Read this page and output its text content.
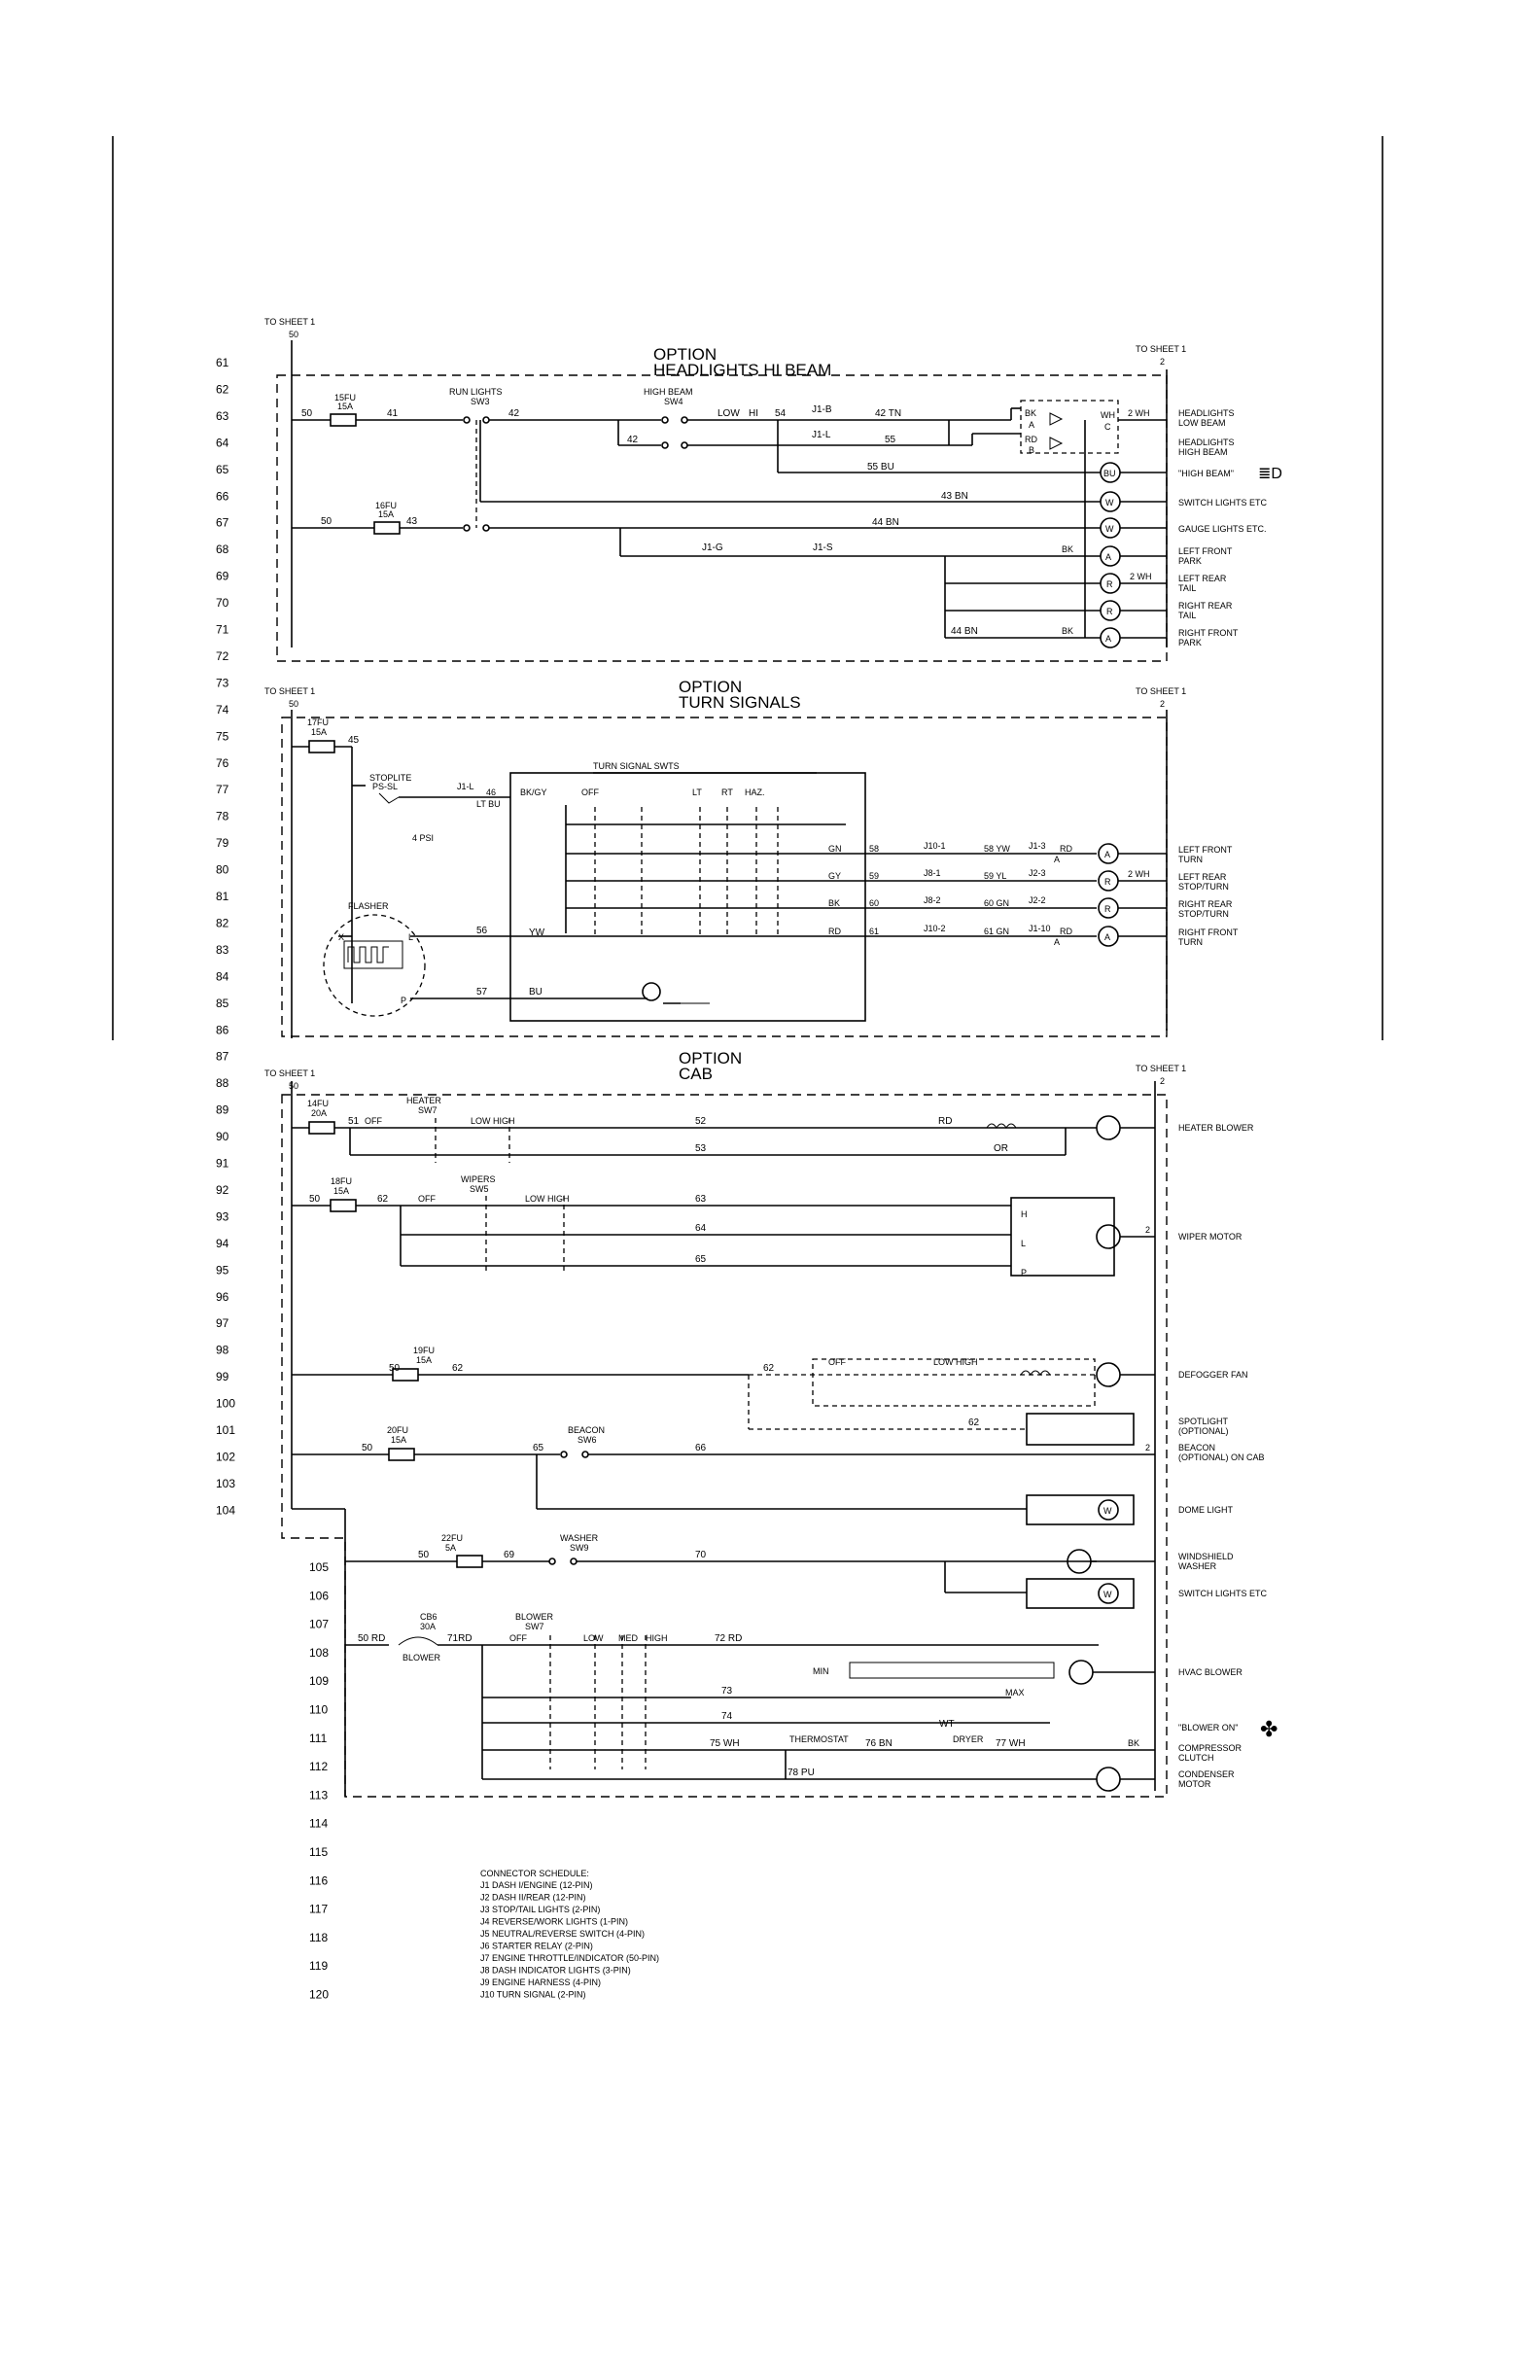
61
62
63
64
65
66
67
68
69
70
71
72
73
74
75
76
77
78
79
80
81
82
83
84
85
86
87
88
89
90
91
92
93
94
95
96
97
98
99
100
101
102
103
104
105
106
107
108
109
110
111
112
113
114
115
116
117
118
119
120
OPTION
HEADLIGHTS HI BEAM
TO SHEET 1
50
TO SHEET 1
2
50
15FU
15A
41
RUN LIGHTS
SW3
42
HIGH BEAM
SW4
LOW HI 54	J1-B	42 TN
42	J1-L	55
BK
A
RD
B
WH
C
2 WH
55 BU
BU
43 BN
W
50
16FU
15A
43	44 BN
W
J1-G	J1-S	BK
A
44 BN	BK
R
R
A
2 WH
HEADLIGHTS
LOW BEAM
HEADLIGHTS
HIGH BEAM
"HIGH BEAM" ≣D
SWITCH LIGHTS ETC
GAUGE LIGHTS ETC.
LEFT FRONT
PARK
LEFT REAR
TAIL
RIGHT REAR
TAIL
RIGHT FRONT
PARK
OPTION
TURN SIGNALS
TO SHEET 1
50
TO SHEET 1
2
17FU
15A
45
STOPLITE
PS-SL
4 PSI
J1-L
46
LT BU
TURN SIGNAL SWTS
BK/GY	OFF	LT RT HAZ.
FLASHER
X	L
P
56	YW
57	BU
GN
GY
BK
RD
58
59
60
61
J10-1
J8-1
J8-2
J10-2
58 YW
59 YL
60 GN
61 GN
J1-3
J2-3
J2-2
J1-10
RD
A
RD
A
A
R
R
A
2 WH
LEFT FRONT
TURN
LEFT REAR
STOP/TURN
RIGHT REAR
STOP/TURN
RIGHT FRONT
TURN
OPTION
CAB
TO SHEET 1
50
TO SHEET 1
2
14FU
20A
51 OFF
HEATER
SW7
LOW HIGH	52	RD
53	OR
50
18FU
15A
62	OFF
WIPERS
SW5
LOW HIGH	63
64
65
H
L
P
2
50
19FU
15A
62	62
OFF	LOW HIGH
62
50
20FU
15A
65
BEACON
SW6
66	2
W
50
22FU
5A
69
WASHER
SW9
70
W
50 RD
CB6
30A
BLOWER
71RD	OFF
BLOWER
SW7
LOW MED HIGH	72 RD
MIN
MAX
73
74
WT
75 WH	THERMOSTAT 76 BN	DRYER 77 WH	BK
78 PU
HEATER BLOWER
WIPER MOTOR
DEFOGGER FAN
SPOTLIGHT
(OPTIONAL)
BEACON
(OPTIONAL) ON CAB
DOME LIGHT
WINDSHIELD
WASHER
SWITCH LIGHTS ETC
HVAC BLOWER
"BLOWER ON" ✤
COMPRESSOR
CLUTCH
CONDENSER
MOTOR
CONNECTOR SCHEDULE:
J1 DASH I/ENGINE (12-PIN)
J2 DASH II/REAR (12-PIN)
J3 STOP/TAIL LIGHTS (2-PIN)
J4 REVERSE/WORK LIGHTS (1-PIN)
J5 NEUTRAL/REVERSE SWITCH (4-PIN)
J6 STARTER RELAY (2-PIN)
J7 ENGINE THROTTLE/INDICATOR (50-PIN)
J8 DASH INDICATOR LIGHTS (3-PIN)
J9 ENGINE HARNESS (4-PIN)
J10 TURN SIGNAL (2-PIN)
